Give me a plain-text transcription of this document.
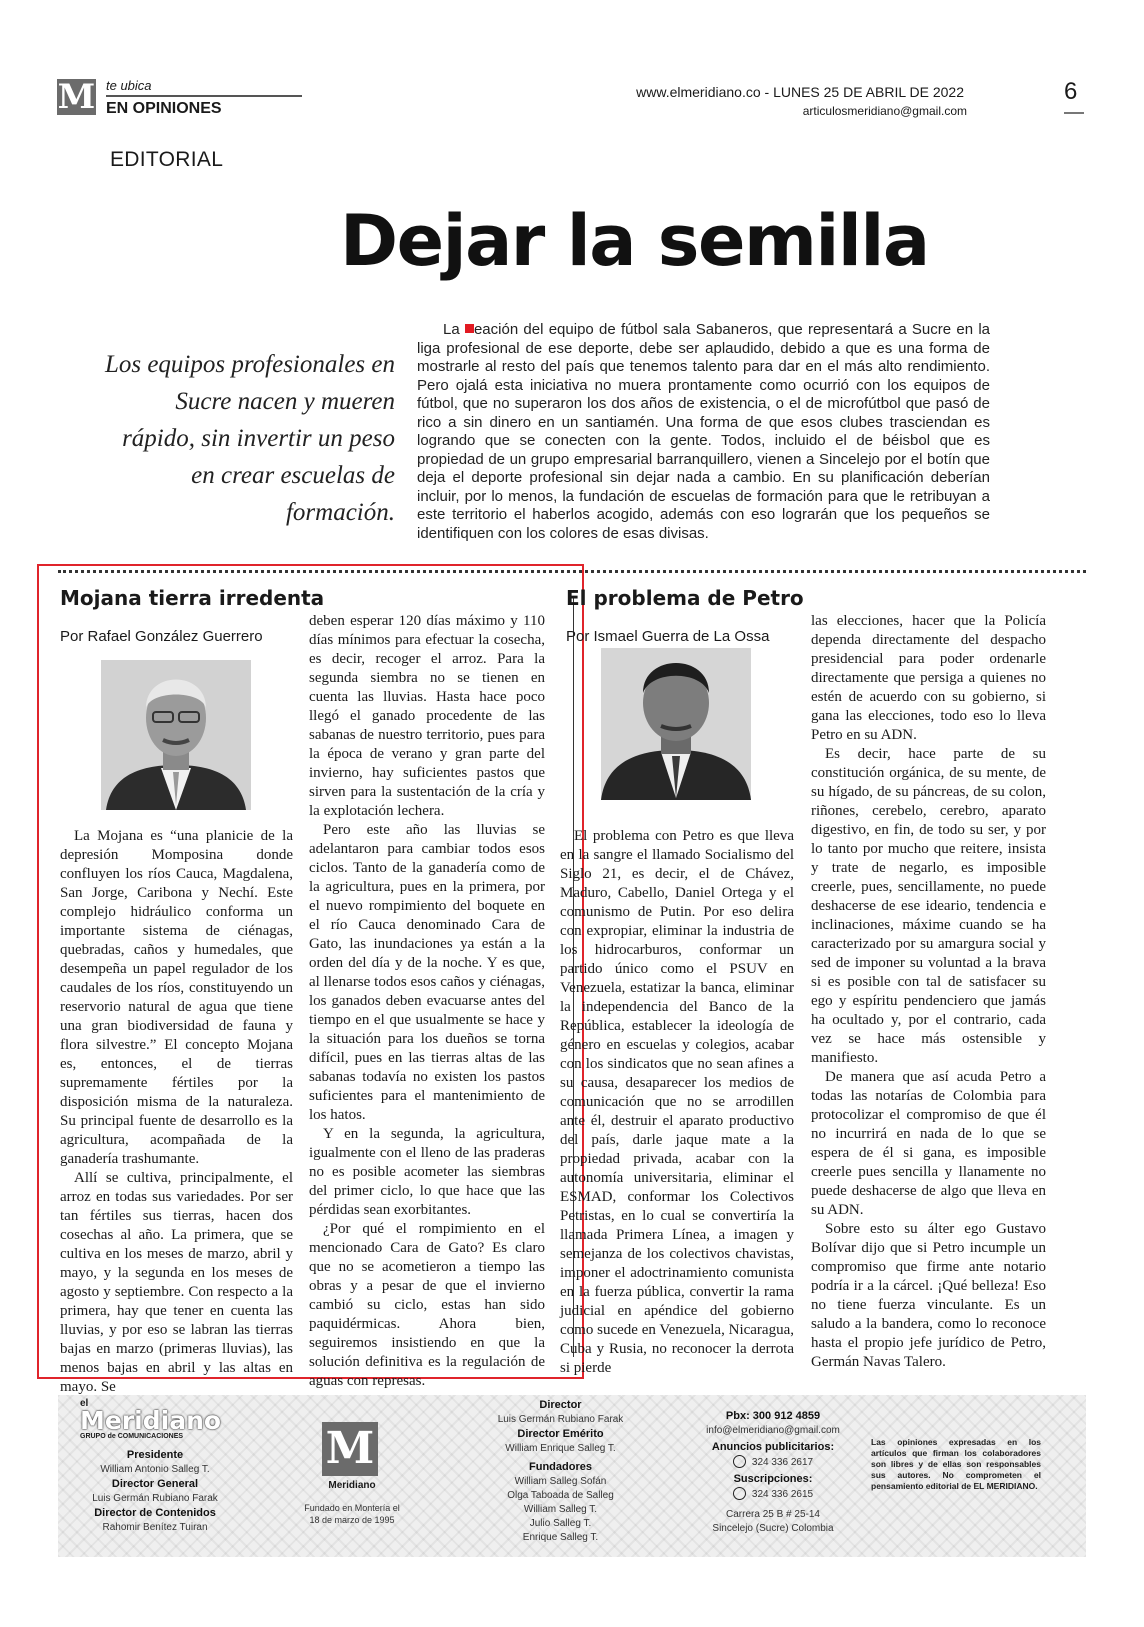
M te ubica
EN OPINIONES
www.elmeridiano.co - LUNES 25 DE ABRIL DE 2022
articulosmeridiano@gmail.com
6
EDITORIAL
Dejar la semilla
Los equipos profesionales en Sucre nacen y mueren rápido, sin invertir un peso en crear escuelas de formación.

La eación del equipo de fútbol sala Sabaneros, que representará a Sucre en la liga profesional de ese deporte, debe ser aplaudido, debido a que es una forma de mostrarle al resto del país que tenemos talento para dar en el más alto rendimiento. Pero ojalá esta iniciativa no muera prontamente como ocurrió con los equipos de fútbol, que no superaron los dos años de existencia, o el de microfútbol que pasó de rico a sin dinero en un santiamén. Una forma de que esos clubes trasciendan es logrando que se conecten con la gente. Todos, incluido el de béisbol que es propiedad de un grupo empresarial barranquillero, vienen a Sincelejo por el botín que deja el deporte profesional sin dejar nada a cambio. En su planificación deberían incluir, por lo menos, la fundación de escuelas de formación para que le retribuyan a este territorio el haberlos acogido, además con eso lograrán que los pequeños se identifiquen con los colores de esas divisas.

Mojana tierra irredenta
Por Rafael González Guerrero

La Mojana es “una planicie de la depresión Momposina donde confluyen los ríos Cauca, Magdalena, San Jorge, Caribona y Nechí. Este complejo hidráulico conforma un importante sistema de ciénagas, quebradas, caños y humedales, que desempeña un papel regulador de los caudales de los ríos, constituyendo un reservorio natural de agua que tiene una gran biodiversidad de fauna y flora silvestre.” El concepto Mojana es, entonces, el de tierras supremamente fértiles por la disposición misma de la naturaleza. Su principal fuente de desarrollo es la agricultura, acompañada de la ganadería trashumante.

Allí se cultiva, principalmente, el arroz en todas sus variedades. Por ser tan fértiles sus tierras, hacen dos cosechas al año. La primera, que se cultiva en los meses de marzo, abril y mayo, y la segunda en los meses de agosto y septiembre. Con respecto a la primera, hay que tener en cuenta las lluvias, y por eso se labran las tierras bajas en marzo (primeras lluvias), las menos bajas en abril y las altas en mayo. Se

deben esperar 120 días máximo y 110 días mínimos para efectuar la cosecha, es decir, recoger el arroz. Para la segunda siembra no se tienen en cuenta las lluvias. Hasta hace poco llegó el ganado procedente de las sabanas de nuestro territorio, pues para la época de verano y gran parte del invierno, hay suficientes pastos que sirven para la sustentación de la cría y la explotación lechera.

Pero este año las lluvias se adelantaron para cambiar todos esos ciclos. Tanto de la ganadería como de la agricultura, pues en la primera, por el nuevo rompimiento del boquete en el río Cauca denominado Cara de Gato, las inundaciones ya están a la orden del día y de la noche. Y es que, al llenarse todos esos caños y ciénagas, los ganados deben evacuarse antes del tiempo en el que usualmente se hace y la situación para los dueños se torna difícil, pues en las tierras altas de las sabanas todavía no existen los pastos suficientes para el mantenimiento de los hatos.

Y en la segunda, la agricultura, igualmente con el lleno de las praderas no es posible acometer las siembras del primer ciclo, lo que hace que las pérdidas sean exorbitantes.

¿Por qué el rompimiento en el mencionado Cara de Gato? Es claro que no se acometieron a tiempo las obras y a pesar de que el invierno cambió su ciclo, estas han sido paquidérmicas. Ahora bien, seguiremos insistiendo en que la solución definitiva es la regulación de aguas con represas.

El problema de Petro
Por Ismael Guerra de La Ossa

El problema con Petro es que lleva en la sangre el llamado Socialismo del Siglo 21, es decir, el de Chávez, Maduro, Cabello, Daniel Ortega y el comunismo de Putin. Por eso delira con expropiar, eliminar la industria de los hidrocarburos, conformar un partido único como el PSUV en Venezuela, estatizar la banca, eliminar la independencia del Banco de la República, establecer la ideología de género en escuelas y colegios, acabar con los sindicatos que no sean afines a su causa, desaparecer los medios de comunicación que no se arrodillen ante él, destruir el aparato productivo del país, darle jaque mate a la propiedad privada, acabar con la autonomía universitaria, eliminar el ESMAD, conformar los Colectivos Petristas, en lo cual se convertiría la llamada Primera Línea, a imagen y semejanza de los colectivos chavistas, imponer el adoctrinamiento comunista en la fuerza pública, convertir la rama judicial en apéndice del gobierno como sucede en Venezuela, Nicaragua, Cuba y Rusia, no reconocer la derrota si pierde

las elecciones, hacer que la Policía dependa directamente del despacho presidencial para poder ordenarle directamente que persiga a quienes no estén de acuerdo con su gobierno, si gana las elecciones, todo eso lo lleva Petro en su ADN.

Es decir, hace parte de su constitución orgánica, de su mente, de su hígado, de su páncreas, de su colon, riñones, cerebelo, cerebro, aparato digestivo, en fin, de todo su ser, y por lo tanto por mucho que reitere, insista y trate de negarlo, es imposible creerle, pues, sencillamente, no puede deshacerse de ese ideario, tendencia e inclinaciones, máxime cuando se ha caracterizado por su amargura social y sed de imponer su voluntad a la brava si es posible con tal de satisfacer su ego y espíritu pendenciero que jamás ha ocultado y, por el contrario, cada vez se hace más ostensible y manifiesto.

De manera que así acuda Petro a todas las notarías de Colombia para protocolizar el compromiso de que él no incurrirá en nada de lo que se espera de él si gana, es imposible creerle pues sencilla y llanamente no puede deshacerse de algo que lleva en su ADN.

Sobre esto su álter ego Gustavo Bolívar dijo que si Petro incumple un compromiso que firme ante notario podría ir a la cárcel. ¡Qué belleza! Eso no tiene fuerza vinculante. Es un saludo a la bandera, como lo reconoce hasta el propio jefe jurídico de Petro, Germán Navas Talero.

el
Meridiano
GRUPO de COMUNICACIONES
Presidente
William Antonio Salleg T.
Director General
Luis Germán Rubiano Farak
Director de Contenidos
Rahomir Benítez Tuiran
M
Meridiano
Fundado en Montería el 18 de marzo de 1995
Director
Luis Germán Rubiano Farak
Director Emérito
William Enrique Salleg T.
Fundadores
William Salleg Sofán
Olga Taboada de Salleg
William Salleg T.
Julio Salleg T.
Enrique Salleg T.
Pbx: 300 912 4859
info@elmeridiano@gmail.com
Anuncios publicitarios:
324 336 2617
Suscripciones:
324 336 2615
Carrera 25 B # 25-14
Sincelejo (Sucre) Colombia
Las opiniones expresadas en los artículos que firman los colaboradores son libres y de ellas son responsables sus autores. No comprometen el pensamiento editorial de EL MERIDIANO.
